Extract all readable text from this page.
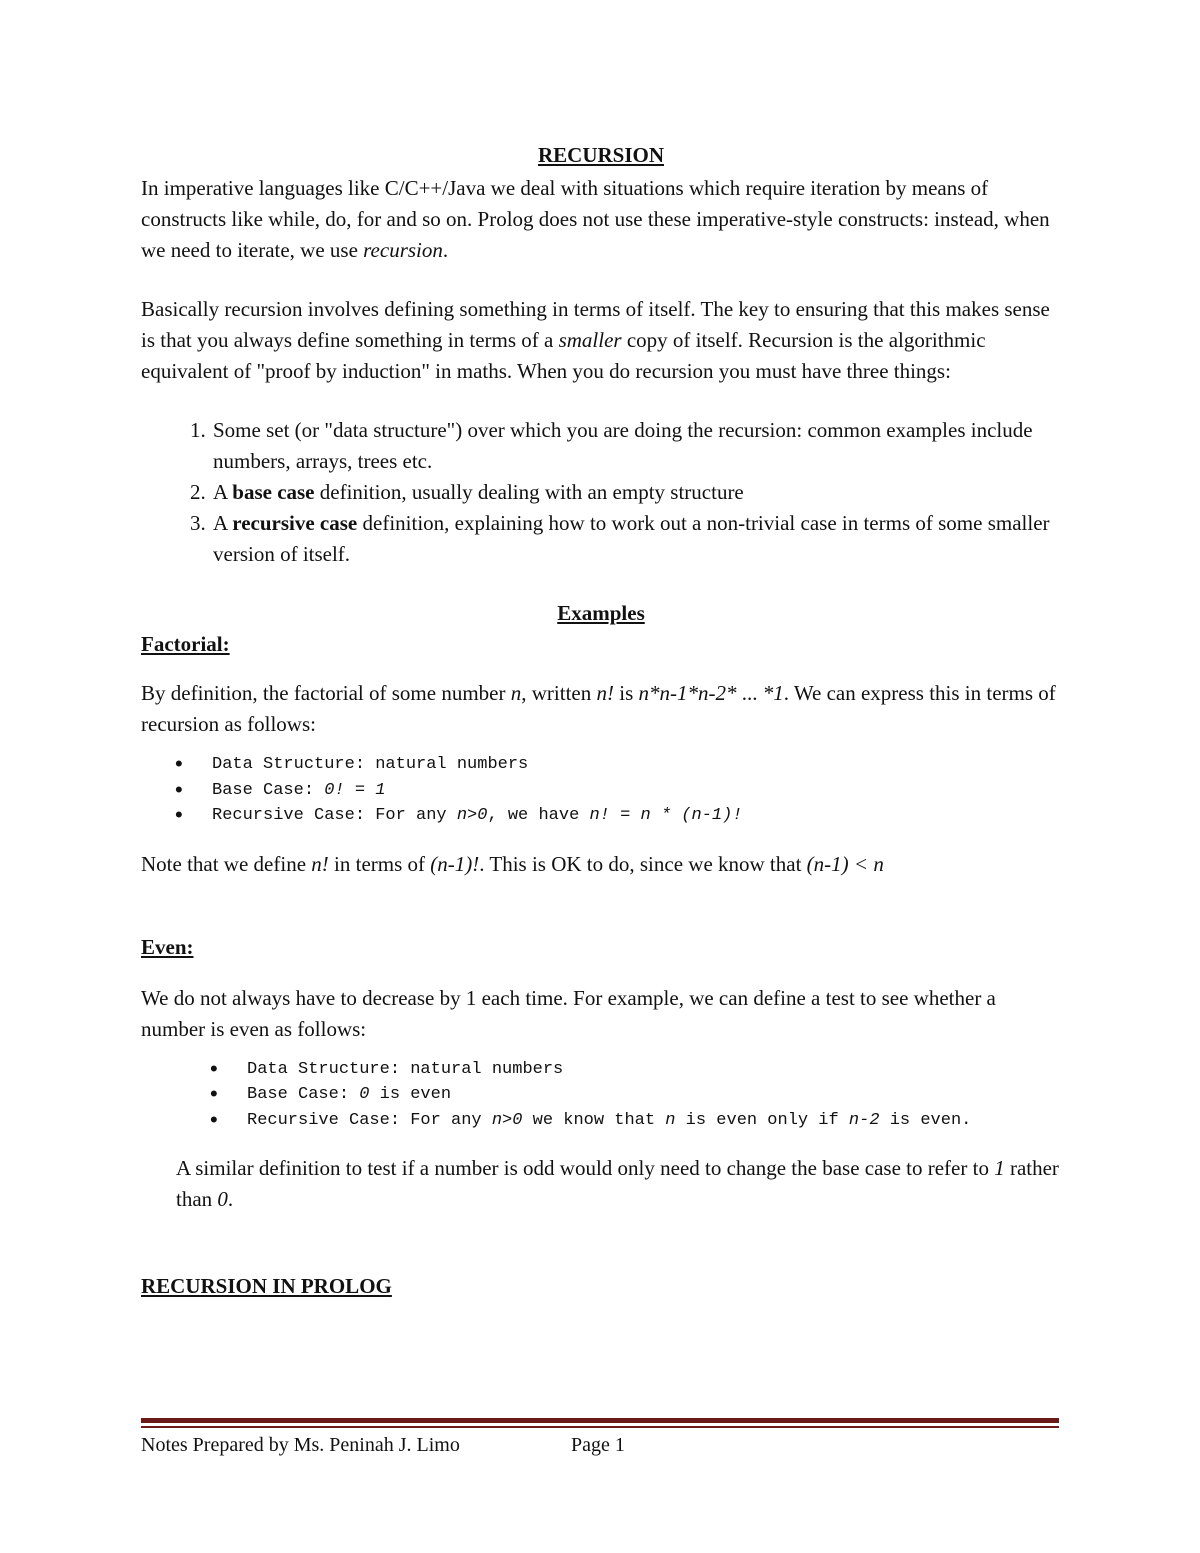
RECURSION

In imperative languages like C/C++/Java we deal with situations which require iteration by means of constructs like while, do, for and so on. Prolog does not use these imperative-style constructs: instead, when we need to iterate, we use recursion.

Basically recursion involves defining something in terms of itself. The key to ensuring that this makes sense is that you always define something in terms of a smaller copy of itself. Recursion is the algorithmic equivalent of "proof by induction" in maths. When you do recursion you must have three things:

1. Some set (or "data structure") over which you are doing the recursion: common examples include numbers, arrays, trees etc.
2. A base case definition, usually dealing with an empty structure
3. A recursive case definition, explaining how to work out a non-trivial case in terms of some smaller version of itself.
Examples
Factorial:

By definition, the factorial of some number n, written n! is n*n-1*n-2* ... *1. We can express this in terms of recursion as follows:

• Data Structure: natural numbers
• Base Case: 0! = 1
• Recursive Case: For any n>0, we have n! = n * (n-1)!

Note that we define n! in terms of (n-1)!. This is OK to do, since we know that (n-1) < n

Even:

We do not always have to decrease by 1 each time. For example, we can define a test to see whether a number is even as follows:

• Data Structure: natural numbers
• Base Case: 0 is even
• Recursive Case: For any n>0 we know that n is even only if n-2 is even.

A similar definition to test if a number is odd would only need to change the base case to refer to 1 rather than 0.

RECURSION IN PROLOG
Notes Prepared by Ms. Peninah J. Limo	Page 1
